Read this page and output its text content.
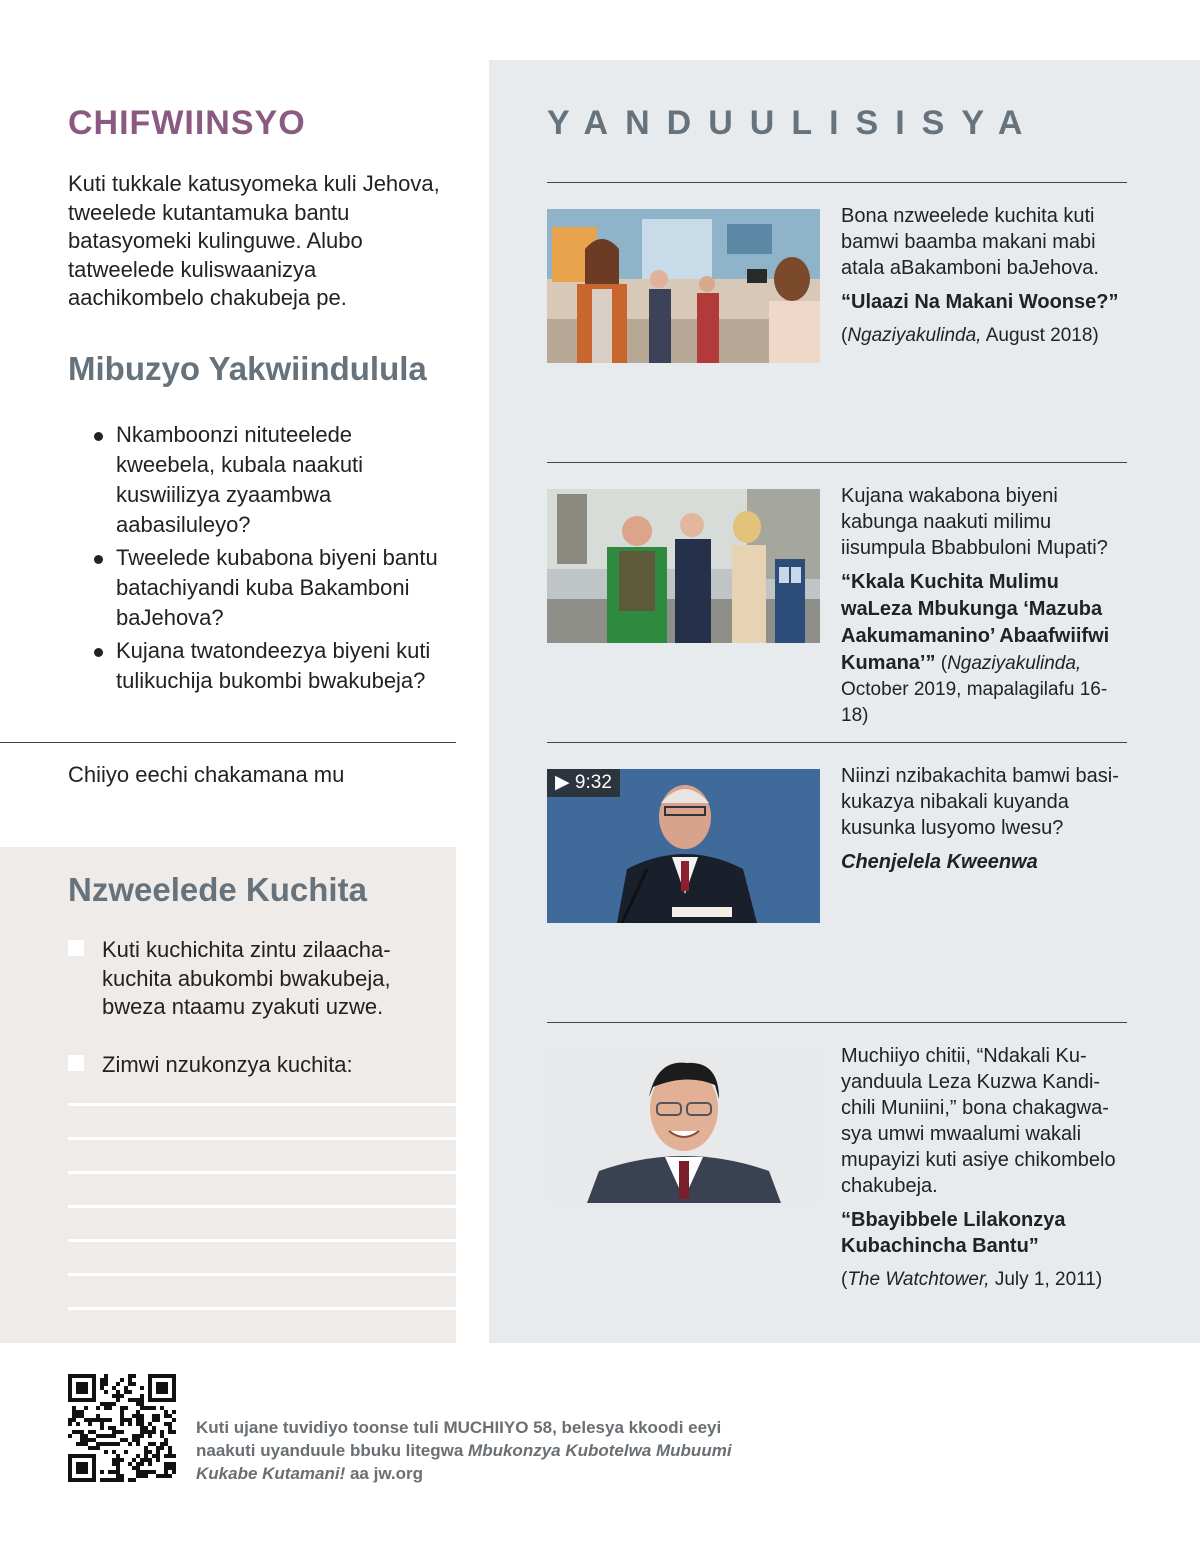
CHIFWIINSYO

Kuti tukkale katusyomeka kuli Jehova, tweelede kutantamuka bantu batasyomeki kulinguwe. Alubo tatweelede kuliswaanizya aachikombelo chakubeja pe.

Mibuzyo Yakwiindulula
Nkamboonzi nituteelede kweebela, kubala naakuti kuswiilizya zyaambwa aabasiluleyo?
Tweelede kubabona biyeni bantu batachiyandi kuba Bakamboni baJehova?
Kujana twatondeezya biyeni kuti tulikuchija bukombi bwakubeja?

Chiiyo eechi chakamana mu

Nzweelede Kuchita
Kuti kuchichita zintu zilaacha-kuchita abukombi bwakubeja, bweza ntaamu zyakuti uzwe.
Zimwi nzukonzya kuchita:
YANDUULISISYA

Bona nzweelede kuchita kuti bamwi baamba makani mabi atala aBakamboni baJehova.

“Ulaazi Na Makani Woonse?”

(Ngaziyakulinda, August 2018)

Kujana wakabona biyeni kabunga naakuti milimu iisumpula Bbabbuloni Mupati?

“Kkala Kuchita Mulimu waLeza Mbukunga ‘Mazuba Aakumamanino’ Abaafwiifwi Kumana’” (Ngaziyakulinda, October 2019, mapalagilafu 16-18)

▶ 9:32	Niinzi nzibakachita bamwi basi-kukazya nibakali kuyanda kusunka lusyomo lwesu?

Chenjelela Kweenwa

Muchiiyo chitii, “Ndakali Ku-yanduula Leza Kuzwa Kandi-chili Muniini,” bona chakagwa-sya umwi mwaalumi wakali mupayizi kuti asiye chikombelo chakubeja.

“Bbayibbele Lilakonzya Kubachincha Bantu”

(The Watchtower, July 1, 2011)

Kuti ujane tuvidiyo toonse tuli MUCHIIYO 58, belesya kkoodi eeyi naakuti uyanduule bbuku litegwa Mbukonzya Kubotelwa Mubuumi Kukabe Kutamani! aa jw.org
